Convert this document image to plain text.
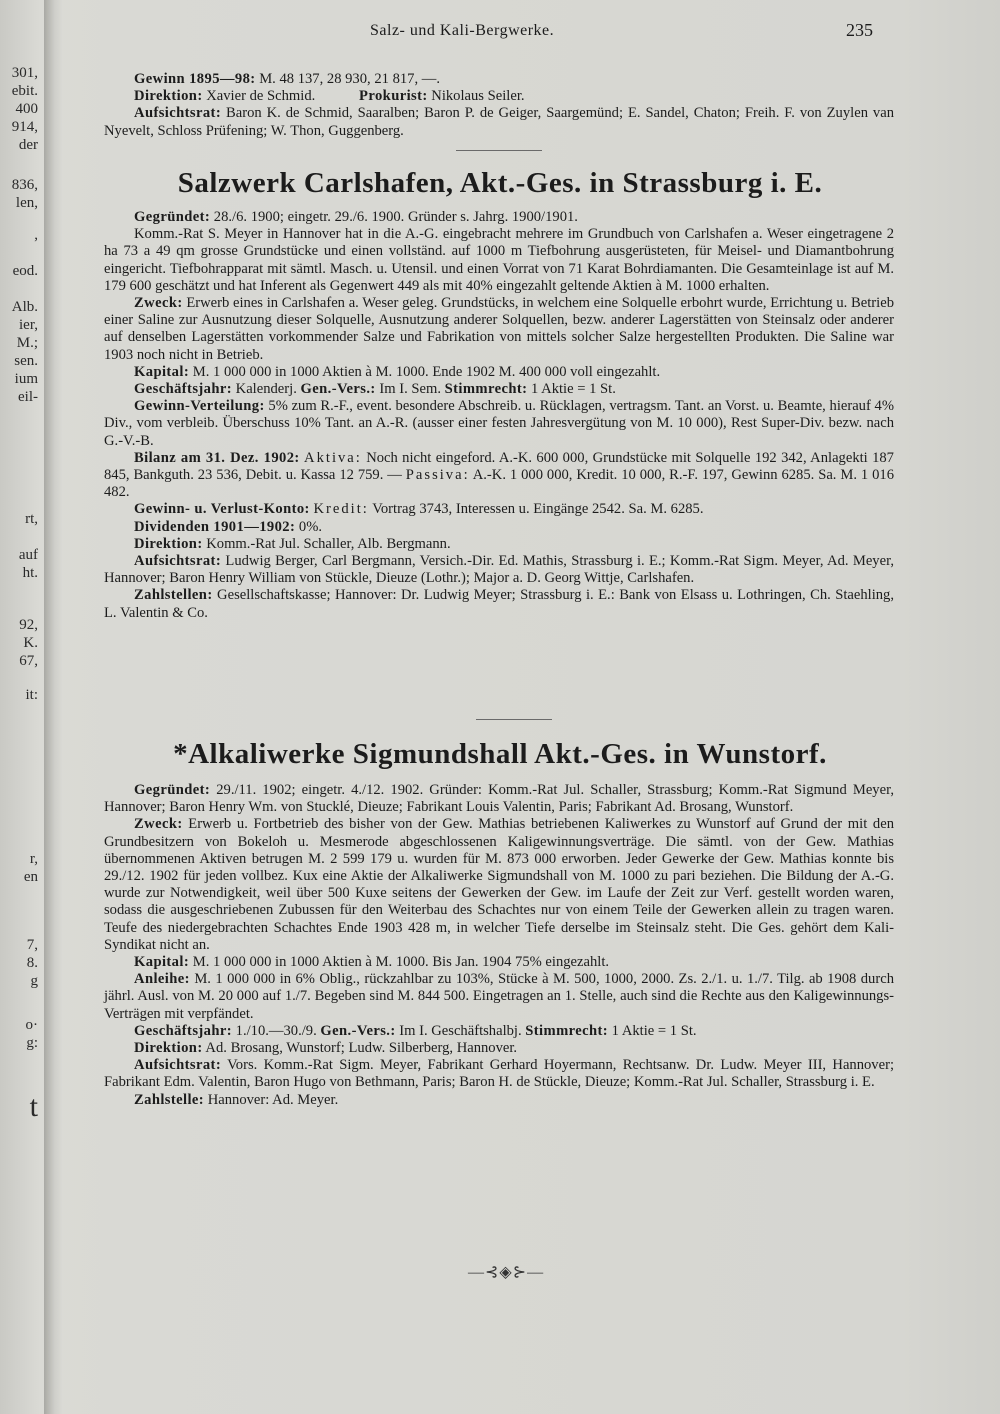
301,
ebit.
400
914,
der
836,
len,
,
eod.
Alb.
ier,
M.;
sen.
ium
eil-
rt,
auf
ht.
92,
K.
67,
it:
r,
en
7,
8.
g
o·
g:
t
Salz- und Kali-Bergwerke.	235

Gewinn 1895—98: M. 48 137, 28 930, 21 817, —.

Direktion: Xavier de Schmid.	Prokurist: Nikolaus Seiler.

Aufsichtsrat: Baron K. de Schmid, Saaralben; Baron P. de Geiger, Saargemünd; E. Sandel, Chaton; Freih. F. von Zuylen van Nyevelt, Schloss Prüfening; W. Thon, Guggenberg.

Salzwerk Carlshafen, Akt.-Ges. in Strassburg i. E.

Gegründet: 28./6. 1900; eingetr. 29./6. 1900. Gründer s. Jahrg. 1900/1901.

Komm.-Rat S. Meyer in Hannover hat in die A.-G. eingebracht mehrere im Grundbuch von Carlshafen a. Weser eingetragene 2 ha 73 a 49 qm grosse Grundstücke und einen vollständ. auf 1000 m Tiefbohrung ausgerüsteten, für Meisel- und Diamantbohrung eingericht. Tiefbohrapparat mit sämtl. Masch. u. Utensil. und einen Vorrat von 71 Karat Bohrdiamanten. Die Gesamteinlage ist auf M. 179 600 geschätzt und hat Inferent als Gegenwert 449 als mit 40% eingezahlt geltende Aktien à M. 1000 erhalten.

Zweck: Erwerb eines in Carlshafen a. Weser geleg. Grundstücks, in welchem eine Solquelle erbohrt wurde, Errichtung u. Betrieb einer Saline zur Ausnutzung dieser Solquelle, Ausnutzung anderer Solquellen, bezw. anderer Lagerstätten von Steinsalz oder anderer auf denselben Lagerstätten vorkommender Salze und Fabrikation von mittels solcher Salze hergestellten Produkten. Die Saline war 1903 noch nicht in Betrieb.

Kapital: M. 1 000 000 in 1000 Aktien à M. 1000. Ende 1902 M. 400 000 voll eingezahlt.

Geschäftsjahr: Kalenderj. Gen.-Vers.: Im I. Sem. Stimmrecht: 1 Aktie = 1 St.

Gewinn-Verteilung: 5% zum R.-F., event. besondere Abschreib. u. Rücklagen, vertragsm. Tant. an Vorst. u. Beamte, hierauf 4% Div., vom verbleib. Überschuss 10% Tant. an A.-R. (ausser einer festen Jahresvergütung von M. 10 000), Rest Super-Div. bezw. nach G.-V.-B.

Bilanz am 31. Dez. 1902: Aktiva: Noch nicht eingeford. A.-K. 600 000, Grundstücke mit Solquelle 192 342, Anlagekti 187 845, Bankguth. 23 536, Debit. u. Kassa 12 759. — Passiva: A.-K. 1 000 000, Kredit. 10 000, R.-F. 197, Gewinn 6285. Sa. M. 1 016 482.

Gewinn- u. Verlust-Konto: Kredit: Vortrag 3743, Interessen u. Eingänge 2542. Sa. M. 6285.

Dividenden 1901—1902: 0%.

Direktion: Komm.-Rat Jul. Schaller, Alb. Bergmann.

Aufsichtsrat: Ludwig Berger, Carl Bergmann, Versich.-Dir. Ed. Mathis, Strassburg i. E.; Komm.-Rat Sigm. Meyer, Ad. Meyer, Hannover; Baron Henry William von Stückle, Dieuze (Lothr.); Major a. D. Georg Wittje, Carlshafen.

Zahlstellen: Gesellschaftskasse; Hannover: Dr. Ludwig Meyer; Strassburg i. E.: Bank von Elsass u. Lothringen, Ch. Staehling, L. Valentin & Co.

*Alkaliwerke Sigmundshall Akt.-Ges. in Wunstorf.

Gegründet: 29./11. 1902; eingetr. 4./12. 1902. Gründer: Komm.-Rat Jul. Schaller, Strassburg; Komm.-Rat Sigmund Meyer, Hannover; Baron Henry Wm. von Stucklé, Dieuze; Fabrikant Louis Valentin, Paris; Fabrikant Ad. Brosang, Wunstorf.

Zweck: Erwerb u. Fortbetrieb des bisher von der Gew. Mathias betriebenen Kaliwerkes zu Wunstorf auf Grund der mit den Grundbesitzern von Bokeloh u. Mesmerode abgeschlossenen Kaligewinnungsverträge. Die sämtl. von der Gew. Mathias übernommenen Aktiven betrugen M. 2 599 179 u. wurden für M. 873 000 erworben. Jeder Gewerke der Gew. Mathias konnte bis 29./12. 1902 für jeden vollbez. Kux eine Aktie der Alkaliwerke Sigmundshall von M. 1000 zu pari beziehen. Die Bildung der A.-G. wurde zur Notwendigkeit, weil über 500 Kuxe seitens der Gewerken der Gew. im Laufe der Zeit zur Verf. gestellt worden waren, sodass die ausgeschriebenen Zubussen für den Weiterbau des Schachtes nur von einem Teile der Gewerken allein zu tragen waren. Teufe des niedergebrachten Schachtes Ende 1903 428 m, in welcher Tiefe derselbe im Steinsalz steht. Die Ges. gehört dem Kali-Syndikat nicht an.

Kapital: M. 1 000 000 in 1000 Aktien à M. 1000. Bis Jan. 1904 75% eingezahlt.

Anleihe: M. 1 000 000 in 6% Oblig., rückzahlbar zu 103%, Stücke à M. 500, 1000, 2000. Zs. 2./1. u. 1./7. Tilg. ab 1908 durch jährl. Ausl. von M. 20 000 auf 1./7. Begeben sind M. 844 500. Eingetragen an 1. Stelle, auch sind die Rechte aus den Kaligewinnungs-Verträgen mit verpfändet.

Geschäftsjahr: 1./10.—30./9. Gen.-Vers.: Im I. Geschäftshalbj. Stimmrecht: 1 Aktie = 1 St.

Direktion: Ad. Brosang, Wunstorf; Ludw. Silberberg, Hannover.

Aufsichtsrat: Vors. Komm.-Rat Sigm. Meyer, Fabrikant Gerhard Hoyermann, Rechtsanw. Dr. Ludw. Meyer III, Hannover; Fabrikant Edm. Valentin, Baron Hugo von Bethmann, Paris; Baron H. de Stückle, Dieuze; Komm.-Rat Jul. Schaller, Strassburg i. E.

Zahlstelle: Hannover: Ad. Meyer.

—⊰◈⊱—
